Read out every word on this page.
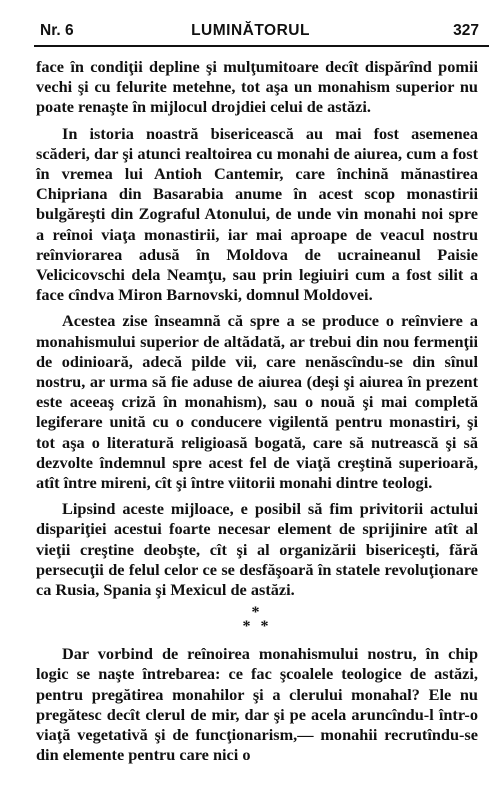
Nr. 6	LUMINĂTORUL	327

face în condiţii depline şi mulţumitoare decît dispărînd pomii vechi şi cu felurite metehne, tot aşa un monahism superior nu poate renaşte în mijlocul drojdiei celui de astăzi.

In istoria noastră bisericească au mai fost asemenea scăderi, dar şi atunci realtoirea cu monahi de aiurea, cum a fost în vremea lui Antioh Cantemir, care închină mănastirea Chipriana din Basarabia anume în acest scop monastirii bulgăreşti din Zograful Atonului, de unde vin monahi noi spre a reînoi viaţa monastirii, iar mai aproape de veacul nostru reînviorarea adusă în Moldova de ucraineanul Paisie Velicicovschi dela Neamţu, sau prin legiuiri cum a fost silit a face cîndva Miron Barnovski, domnul Moldovei.

Acestea zise înseamnă că spre a se produce o reînviere a monahismului superior de altădată, ar trebui din nou fermenţii de odinioară, adecă pilde vii, care nenăscîndu-se din sînul nostru, ar urma să fie aduse de aiurea (deşi şi aiurea în prezent este aceeaş criză în monahism), sau o nouă şi mai completă legiferare unită cu o conducere vigilentă pentru monastiri, şi tot aşa o literatură religioasă bogată, care să nutrească şi să dezvolte îndemnul spre acest fel de viaţă creştină superioară, atît între mireni, cît şi între viitorii monahi dintre teologi.

Lipsind aceste mijloace, e posibil să fim privitorii actului dispariţiei acestui foarte necesar element de sprijinire atît al vieţii creştine deobşte, cît şi al organizării bisericeşti, fără persecuţii de felul celor ce se desfăşoară în statele revoluţionare ca Rusia, Spania şi Mexicul de astăzi.

*
* *

Dar vorbind de reînoirea monahismului nostru, în chip logic se naşte întrebarea: ce fac şcoalele teologice de astăzi, pentru pregătirea monahilor şi a clerului monahal? Ele nu pregătesc decît clerul de mir, dar şi pe acela aruncîndu-l într-o viaţă vegetativă şi de funcţionarism,— monahii recrutîndu-se din elemente pentru care nici o
